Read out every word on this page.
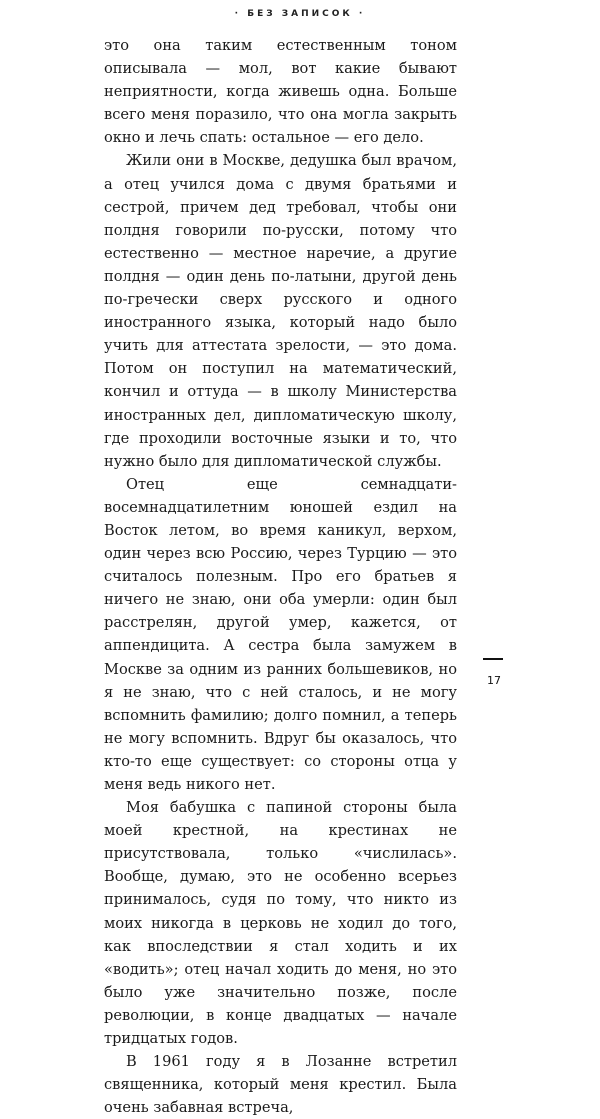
· БЕЗ ЗАПИСОК ·

это она таким естественным тоном описывала — мол, вот какие бывают неприятности, когда живешь одна. Больше всего меня поразило, что она могла закрыть окно и лечь спать: остальное — его дело.

Жили они в Москве, дедушка был врачом, а отец учился дома с двумя братьями и сестрой, причем дед требовал, чтобы они полдня говорили по-русски, потому что естественно — местное наречие, а другие полдня — один день по-латыни, другой день по-гречески сверх русского и одного иностранного языка, который надо было учить для аттестата зрелости, — это дома. Потом он поступил на математический, кончил и оттуда — в школу Министерства иностранных дел, дипломатическую школу, где проходили восточные языки и то, что нужно было для дипломатической службы.

Отец еще семнадцати-восемнадцатилетним юношей ездил на Восток летом, во время каникул, верхом, один через всю Россию, через Турцию — это считалось полезным. Про его братьев я ничего не знаю, они оба умерли: один был расстрелян, другой умер, кажется, от аппендицита. А сестра была замужем в Москве за одним из ранних большевиков, но я не знаю, что с ней сталось, и не могу вспомнить фамилию; долго помнил, а теперь не могу вспомнить. Вдруг бы оказалось, что кто-то еще существует: со стороны отца у меня ведь никого нет.

Моя бабушка с папиной стороны была моей крестной, на крестинах не присутствовала, только «числилась». Вообще, думаю, это не особенно всерьез принималось, судя по тому, что никто из моих никогда в церковь не ходил до того, как впоследствии я стал ходить и их «водить»; отец начал ходить до меня, но это было уже значительно позже, после революции, в конце двадцатых — начале тридцатых годов.

В 1961 году я в Лозанне встретил священника, который меня крестил. Была очень забавная встреча,

17
